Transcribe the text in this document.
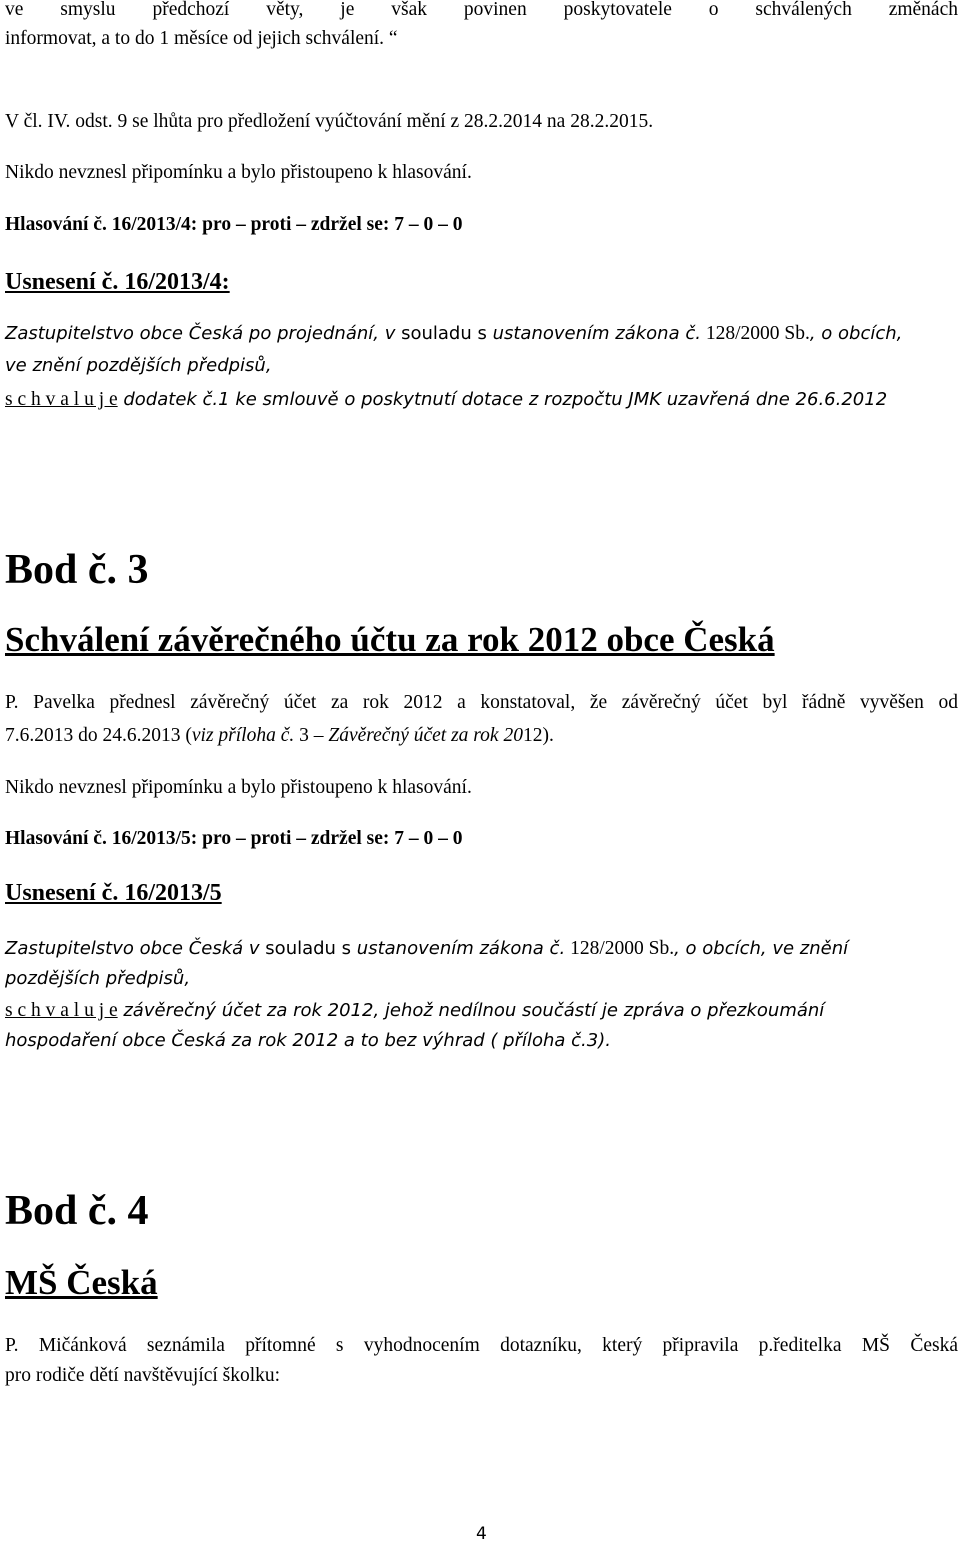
ve smyslu předchozí věty, je však povinen poskytovatele o schválených změnách
informovat, a to do 1 měsíce od jejich schválení. “
V čl. IV. odst. 9 se lhůta pro předložení vyúčtování mění z 28.2.2014 na 28.2.2015.
Nikdo nevznesl připomínku a bylo přistoupeno k hlasování.
Hlasování č. 16/2013/4: pro – proti – zdržel se: 7 – 0 – 0
Usnesení č. 16/2013/4:
Zastupitelstvo obce Česká po projednání, v souladu s ustanovením zákona č. 128/2000 Sb., o obcích,
ve znění pozdějších předpisů,
s c h v a l u j e dodatek č.1 ke smlouvě o poskytnutí dotace z rozpočtu JMK uzavřená dne 26.6.2012
Bod č. 3
Schválení závěrečného účtu za rok 2012 obce Česká
P. Pavelka přednesl závěrečný účet za rok 2012 a konstatoval, že závěrečný účet byl řádně vyvěšen od
7.6.2013 do 24.6.2013 (viz příloha č. 3 – Závěrečný účet za rok 2012).
Nikdo nevznesl připomínku a bylo přistoupeno k hlasování.
Hlasování č. 16/2013/5: pro – proti – zdržel se: 7 – 0 – 0
Usnesení č. 16/2013/5
Zastupitelstvo obce Česká v souladu s ustanovením zákona č. 128/2000 Sb., o obcích, ve znění
pozdějších předpisů,
s c h v a l u j e závěrečný účet za rok 2012, jehož nedílnou součástí je zpráva o přezkoumání
hospodaření obce Česká za rok 2012 a to bez výhrad ( příloha č.3).
Bod č. 4
MŠ Česká
P. Mičánková seznámila přítomné s vyhodnocením dotazníku, který připravila p.ředitelka MŠ Česká
pro rodiče dětí navštěvující školku:
4
